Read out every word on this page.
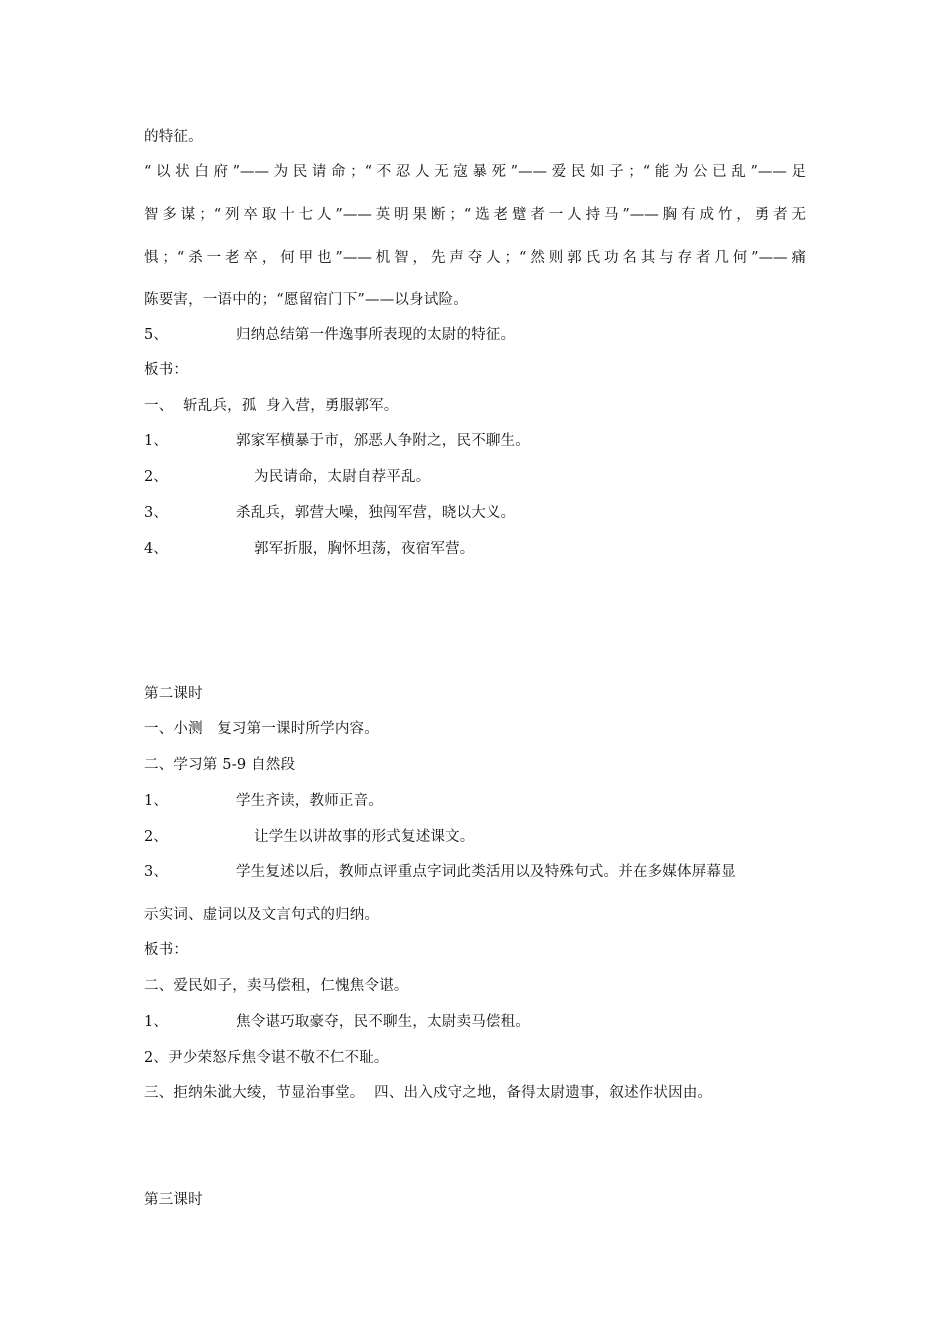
的特征。
“以状白府”——为民请命；“不忍人无寇暴死”——爱民如子；“能为公已乱”——足
智多谋；“列卒取十七人”——英明果断；“选老躄者一人持马”——胸有成竹，勇者无
惧；“杀一老卒，何甲也”——机智，先声夺人；“然则郭氏功名其与存者几何”——痛
陈要害，一语中的；“愿留宿门下”——以身试险。
5、	归纳总结第一件逸事所表现的太尉的特征。
板书：
一、  斩乱兵，孤  身入营，勇服郭军。
1、	郭家军横暴于市，邠恶人争附之，民不聊生。
2、	为民请命，太尉自荐平乱。
3、	杀乱兵，郭营大噪，独闯军营，晓以大义。
4、	郭军折服，胸怀坦荡，夜宿军营。
第二课时
一、小测   复习第一课时所学内容。
二、学习第 5-9 自然段
1、	学生齐读，教师正音。
2、	让学生以讲故事的形式复述课文。
3、	学生复述以后，教师点评重点字词此类活用以及特殊句式。并在多媒体屏幕显
示实词、虚词以及文言句式的归纳。
板书：
二、爱民如子，卖马偿租，仁愧焦令谌。
1、	焦令谌巧取豪夺，民不聊生，太尉卖马偿租。
2、尹少荣怒斥焦令谌不敬不仁不耻。
三、拒纳朱泚大绫，节显治事堂。  四、出入戍守之地，备得太尉遗事，叙述作状因由。
第三课时
